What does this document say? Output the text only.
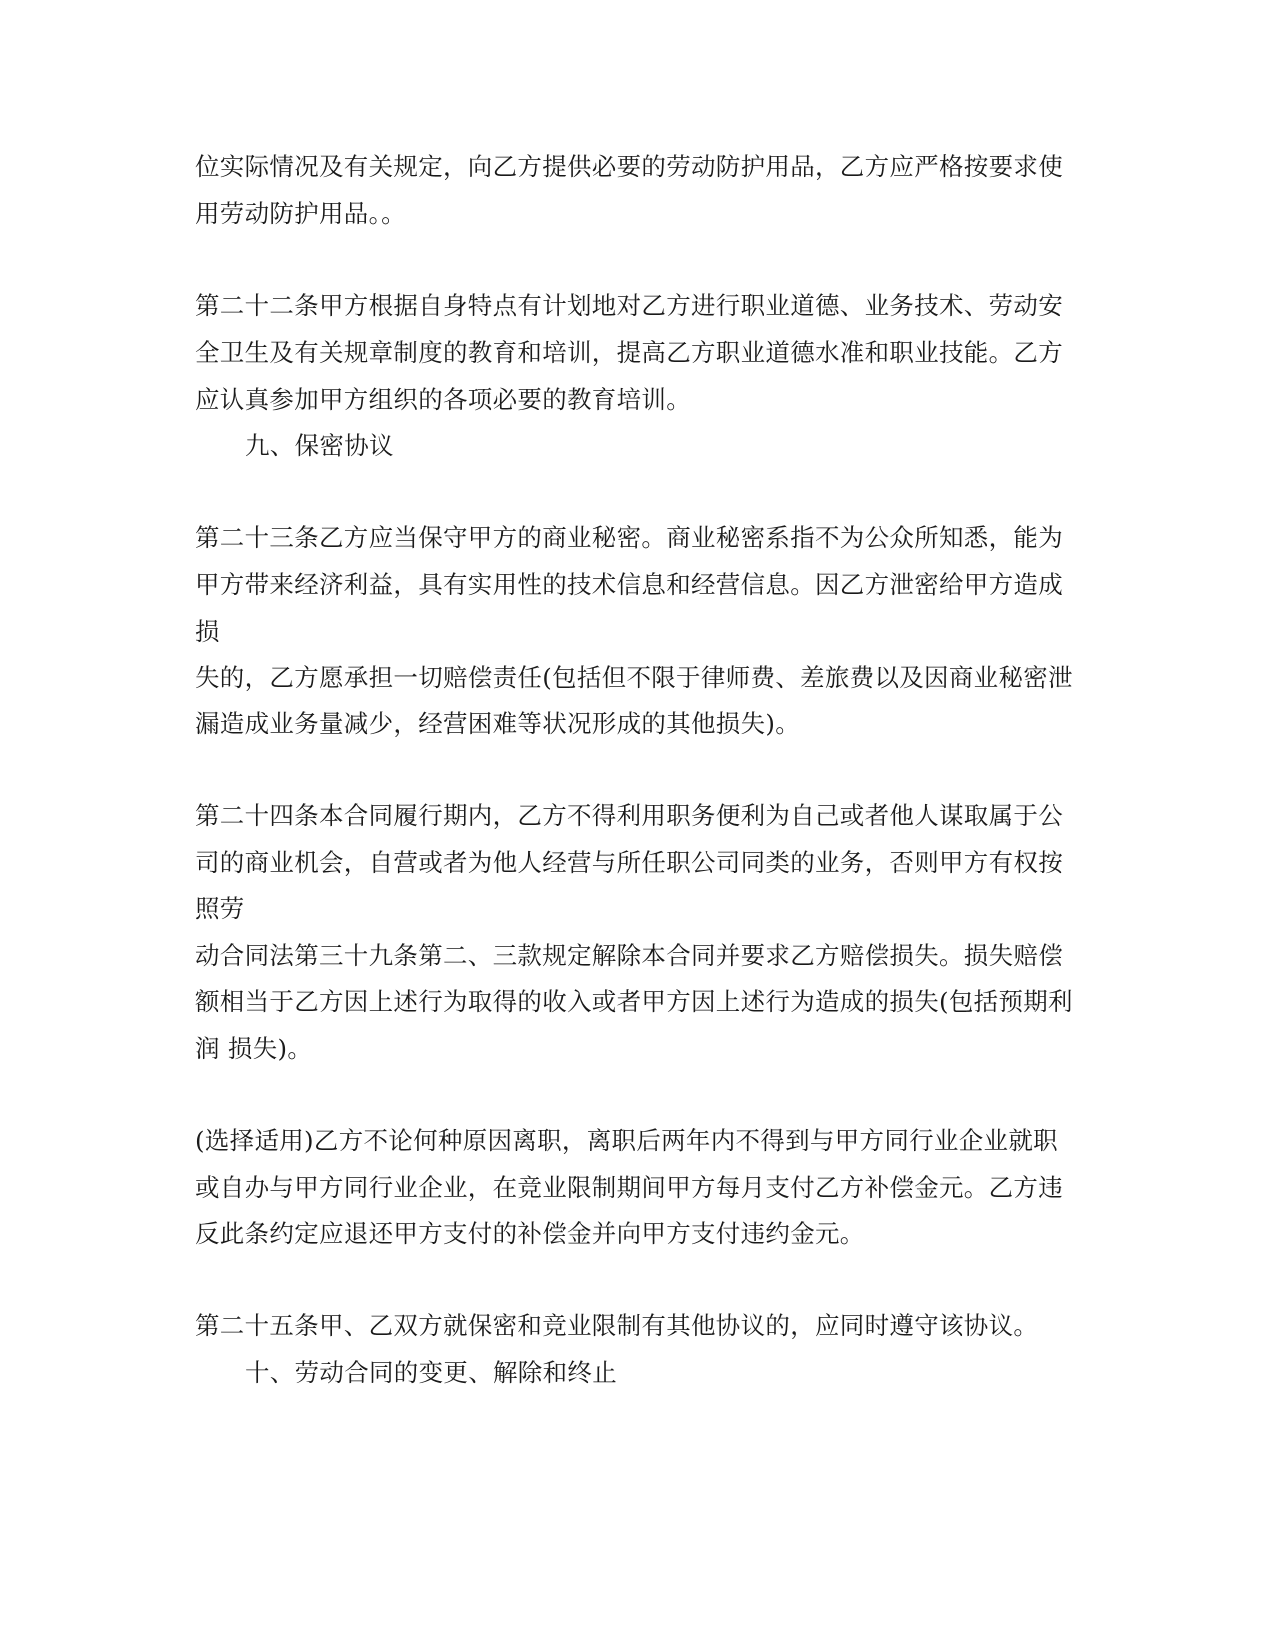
位实际情况及有关规定，向乙方提供必要的劳动防护用品，乙方应严格按要求使
用劳动防护用品。。
第二十二条甲方根据自身特点有计划地对乙方进行职业道德、业务技术、劳动安
全卫生及有关规章制度的教育和培训，提高乙方职业道德水准和职业技能。乙方
应认真参加甲方组织的各项必要的教育培训。
九、保密协议
第二十三条乙方应当保守甲方的商业秘密。商业秘密系指不为公众所知悉，能为
甲方带来经济利益，具有实用性的技术信息和经营信息。因乙方泄密给甲方造成
损
失的，乙方愿承担一切赔偿责任(包括但不限于律师费、差旅费以及因商业秘密泄
漏造成业务量减少，经营困难等状况形成的其他损失)。
第二十四条本合同履行期内，乙方不得利用职务便利为自己或者他人谋取属于公
司的商业机会，自营或者为他人经营与所任职公司同类的业务，否则甲方有权按
照劳
动合同法第三十九条第二、三款规定解除本合同并要求乙方赔偿损失。损失赔偿
额相当于乙方因上述行为取得的收入或者甲方因上述行为造成的损失(包括预期利
润 损失)。
(选择适用)乙方不论何种原因离职，离职后两年内不得到与甲方同行业企业就职
或自办与甲方同行业企业，在竞业限制期间甲方每月支付乙方补偿金元。乙方违
反此条约定应退还甲方支付的补偿金并向甲方支付违约金元。
第二十五条甲、乙双方就保密和竞业限制有其他协议的，应同时遵守该协议。
十、劳动合同的变更、解除和终止
